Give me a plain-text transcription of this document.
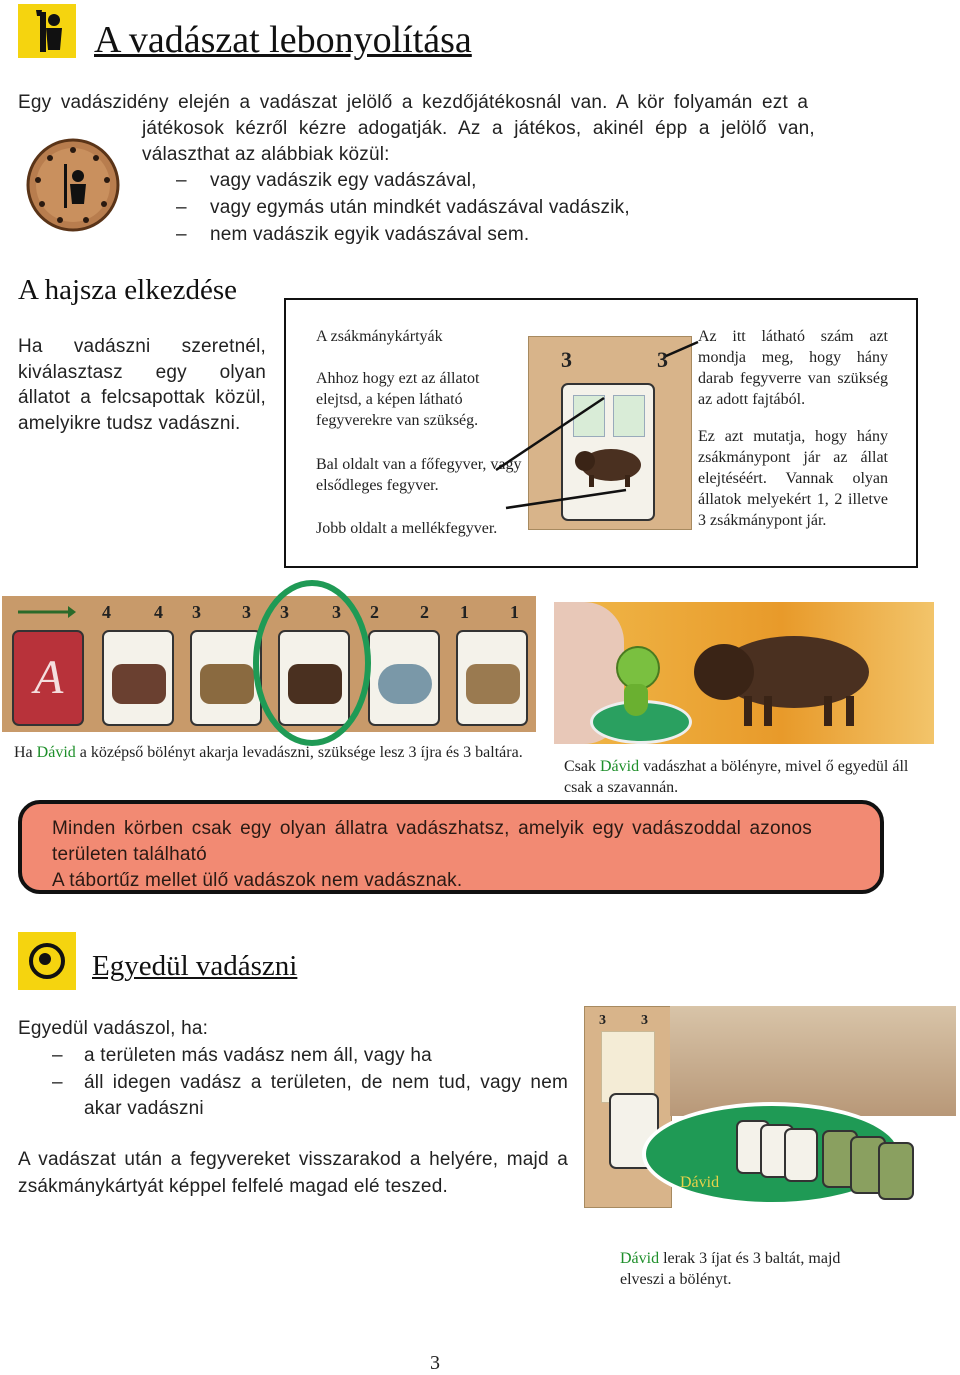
A vadászat lebonyolítása
Egy vadászidény elején a vadászat jelölő a kezdőjátékosnál van. A kör folyamán ezt a
játékosok kézről kézre adogatják. Az a játékos, akinél épp a jelölő van,
választhat az alábbiak közül:
– vagy vadászik egy vadászával,
– vagy egymás után mindkét vadászával vadászik,
– nem vadászik egyik vadászával sem.
A hajsza elkezdése
Ha vadászni szeretnél, kiválasztasz egy olyan állatot a felcsapottak közül, amelyikre tudsz vadászni.
A zsákmánykártyák
Ahhoz hogy ezt az állatot elejtsd, a képen látható fegyverekre van szükség.
Bal oldalt van a főfegyver, vagy elsődleges fegyver.
Jobb oldalt a mellékfegyver.
3	3
Az itt látható szám azt mondja meg, hogy hány darab fegyverre van szükség az adott fajtából.
Ez azt mutatja, hogy hány zsákmánypont jár az állat elejtéséért. Vannak olyan állatok melyekért 1, 2 illetve 3 zsákmánypont jár.
A
4 4 3 3 3 3 2 2 1 1
Ha Dávid a középső bölényt akarja levadászni, szüksége lesz 3 íjra és 3 baltára.
Csak Dávid vadászhat a bölényre, mivel ő egyedül áll csak a szavannán.
Minden körben csak egy olyan állatra vadászhatsz, amelyik egy vadászoddal azonos
területen található
A tábortűz mellet ülő vadászok nem vadásznak.
Egyedül vadászni
Egyedül vadászol, ha:
– a területen más vadász nem áll, vagy ha
– áll idegen vadász a területen, de nem tud, vagy nem akar vadászni
A vadászat után a fegyvereket visszarakod a helyére, majd a zsákmánykártyát képpel felfelé magad elé teszed.
3	3
Dávid
Dávid lerak 3 íjat és 3 baltát, majd elveszi a bölényt.
3
